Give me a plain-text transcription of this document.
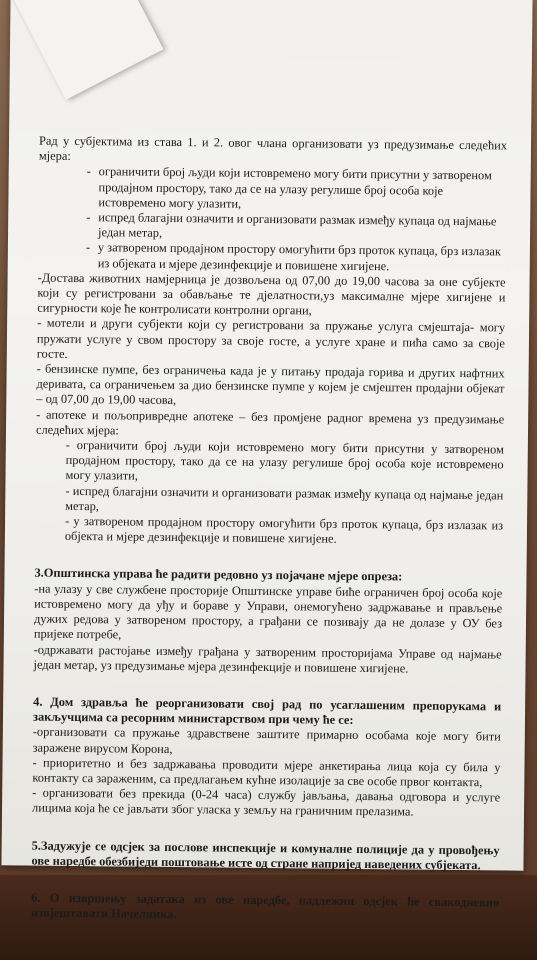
Рад у субјектима из става 1. и 2. овог члана организовати уз предузимање следећих мјера:

- ограничити број људи који истовремено могу бити присутни у затвореном продајном простору, тако да се на улазу регулише број особа које истовремено могу улазити,
- испред благајни означити и организовати размак између купаца од најмање један метар,
- у затвореном продајном простору омогућити брз проток купаца, брз излазак из објеката и мјере дезинфекције и повишене хигијене.

-Достава животних намјерница је дозвољена од 07,00 до 19,00 часова за оне субјекте који су регистровани за обављање те дјелатности,уз максималне мјере хигијене и сигурности које ће контролисати контролни органи,

- мотели и други субјекти који су регистровани за пружање услуга смјештаја- могу пружати услуге у свом простору за своје госте, а услуге хране и пића само за своје госте.

- бензинске пумпе, без ограничења када је у питању продаја горива и других нафтних деривата, са ограничењем за дио бензинске пумпе у којем је смјештен продајни објекат – од 07,00 до 19,00 часова,

- апотеке и пољопривредне апотеке – без промјене радног времена уз предузимање следећих мјера:

- ограничити број људи који истовремено могу бити присутни у затвореном продајном простору, тако да се на улазу регулише број особа које истовремено могу улазити,

- испред благајни означити и организовати размак између купаца од најмање један метар,

- у затвореном продајном простору омогућити брз проток купаца, брз излазак из објекта и мјере дезинфекције и повишене хигијене.

3.Општинска управа ће радити редовно уз појачане мјере опреза:

-на улазу у све службене просторије Општинске управе биће ограничен број особа које истовремено могу да уђу и бораве у Управи, онемогућено задржавање и прављење дужих редова у затвореном простору, а грађани се позивају да не долазе у ОУ без пријеке потребе,

-одржавати растојање између грађана у затвореним просторијама Управе од најмање један метар, уз предузимање мјера дезинфекције и повишене хигијене.

4. Дом здравља ће реорганизовати свој рад по усаглашеним препорукама и закључцима са ресорним министарством при чему ће се:

-организовати са пружање здравствене заштите примарно особама које могу бити заражене вирусом Корона,

- приоритетно и без задржавања проводити мјере анкетирања лица која су била у контакту са зараженим, са предлагањем кућне изолације за све особе првог контакта,

- организовати без прекида (0-24 часа) службу јављања, давања одговора и услуге лицима која ће се јављати због уласка у земљу на граничним прелазима.

5.Задужује се одсјек за послове инспекције и комуналне полиције да у провођењу ове наредбе обезбиједи поштовање исте од стране напријед наведених субјеката.

6. О извршењу задатака из ове наредбе, надлежни одсјек ће свакодневно извјештавати Начелника.
